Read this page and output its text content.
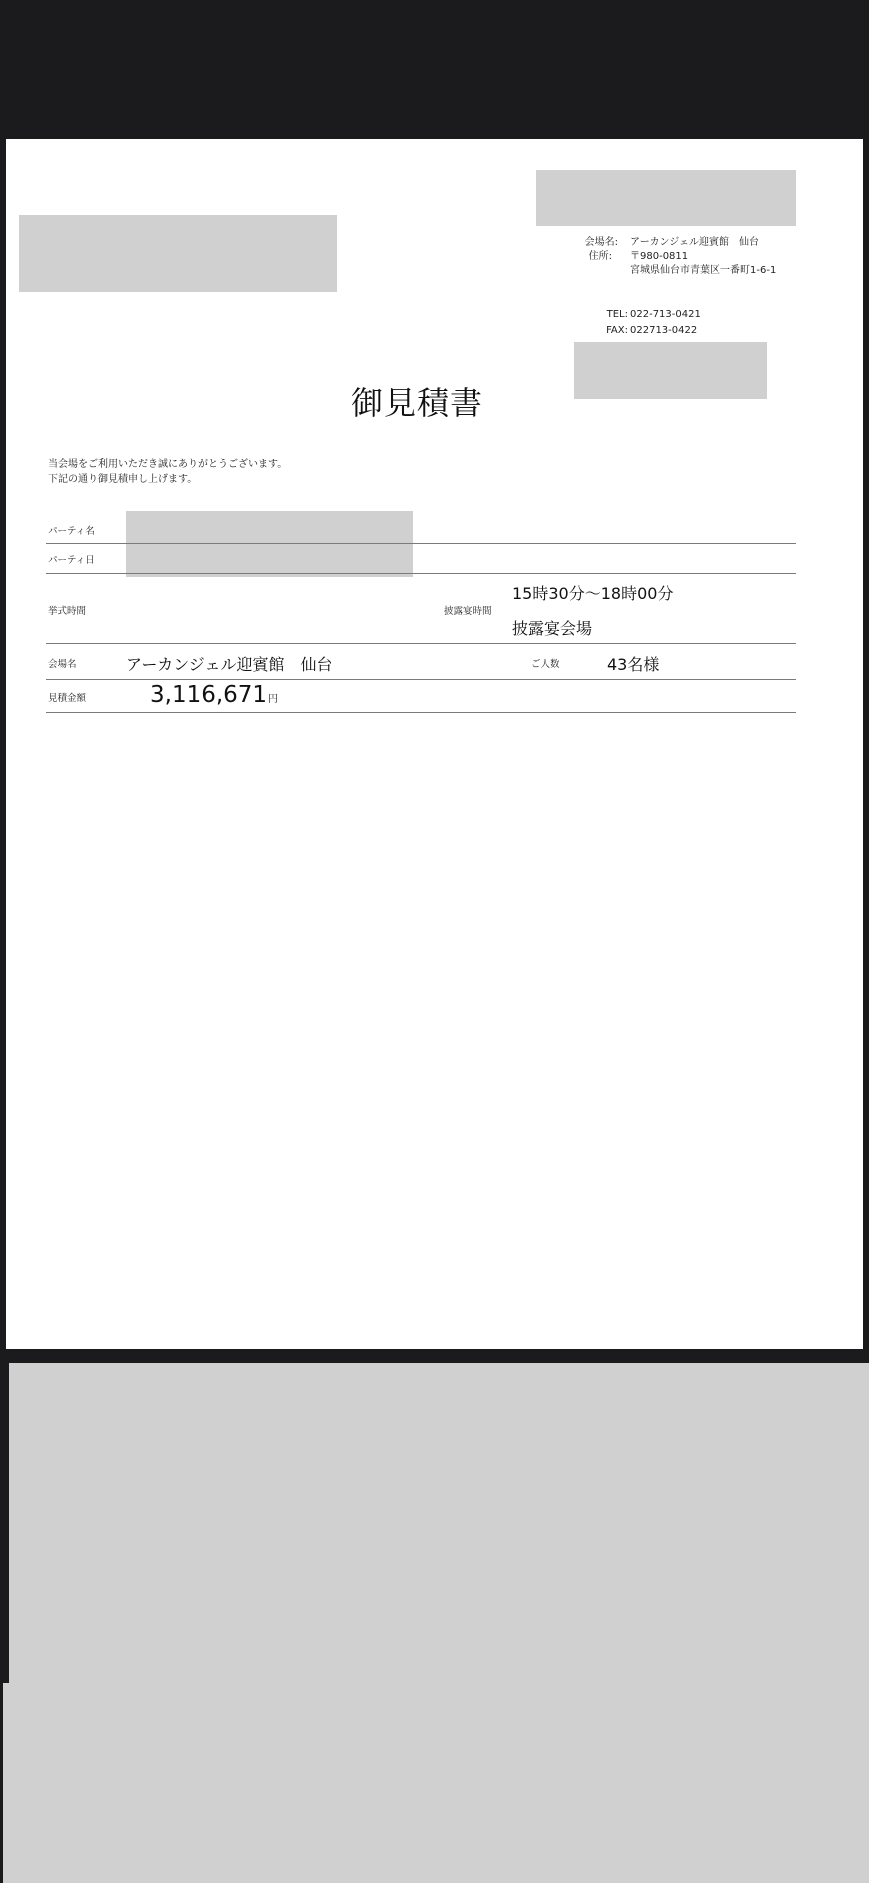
会場名: アーカンジェル迎賓館　仙台
住所: 〒980-0811
宮城県仙台市青葉区一番町1-6-1
TEL: 022-713-0421
FAX: 022713-0422
御見積書
当会場をご利用いただき誠にありがとうございます。
下記の通り御見積申し上げます。
パーティ名
パーティ日
挙式時間	披露宴時間
15時30分～18時00分
披露宴会場
会場名	アーカンジェル迎賓館　仙台	ご人数	43名様
見積金額	3,116,671 円
